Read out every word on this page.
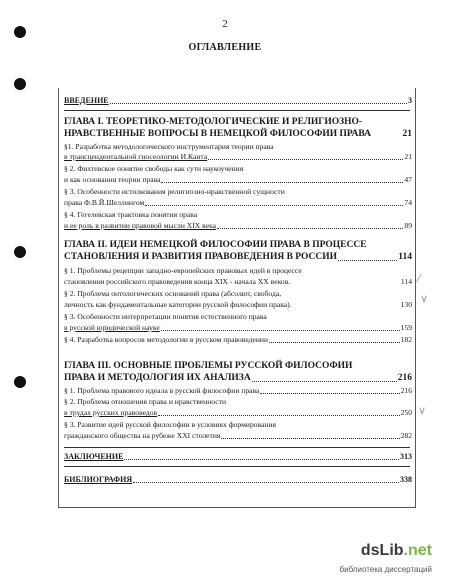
2
ОГЛАВЛЕНИЕ
ВВЕДЕНИЕ	3
ГЛАВА I. ТЕОРЕТИКО-МЕТОДОЛОГИЧЕСКИЕ И РЕЛИГИОЗНО-
НРАВСТВЕННЫЕ ВОПРОСЫ В НЕМЕЦКОЙ ФИЛОСОФИИ ПРАВА	21
§1. Разработка методологического инструментария теории права
в трансцендентальной гносеологии И.Канта	21
§ 2. Фихтевское понятие свободы как сути наукоучения
и как основания теории права	47
§ 3. Особенности истолкования религиозно-нравственной сущности
права Ф.В.Й.Шеллингом	74
§ 4. Гегелевская трактовка понятия права
и ее роль в развитии правовой мысли XIX века	89
ГЛАВА II. ИДЕИ НЕМЕЦКОЙ ФИЛОСОФИИ ПРАВА В ПРОЦЕССЕ
СТАНОВЛЕНИЯ И РАЗВИТИЯ ПРАВОВЕДЕНИЯ В РОССИИ	114
§ 1. Проблемы рецепции западно-европейских правовых идей в процессе
становления российского правоведения конца XIX - начала XX веков.	114
§ 2. Проблема онтологических оснований права (абсолют, свобода,
личность как фундаментальные категории русской философии права).	130
§ 3. Особенности интерпретации понятия естественного права
в русской юридической науке	159
§ 4. Разработка вопросов методологии в русском правоведении	182
⁄
∨
∨
ГЛАВА III. ОСНОВНЫЕ ПРОБЛЕМЫ РУССКОЙ ФИЛОСОФИИ
ПРАВА И МЕТОДОЛОГИЯ ИХ АНАЛИЗА	216
§ 1. Проблема правового идеала в русской философии права	216
§ 2. Проблема отношения права и нравственности
в трудах русских правоведов	250
§ 3. Развитие идей русской философии в условиях формирования
гражданского общества на рубеже XXI столетия	282
ЗАКЛЮЧЕНИЕ	313
БИБЛИОГРАФИЯ	338
dsLib.net
библиотека диссертаций
